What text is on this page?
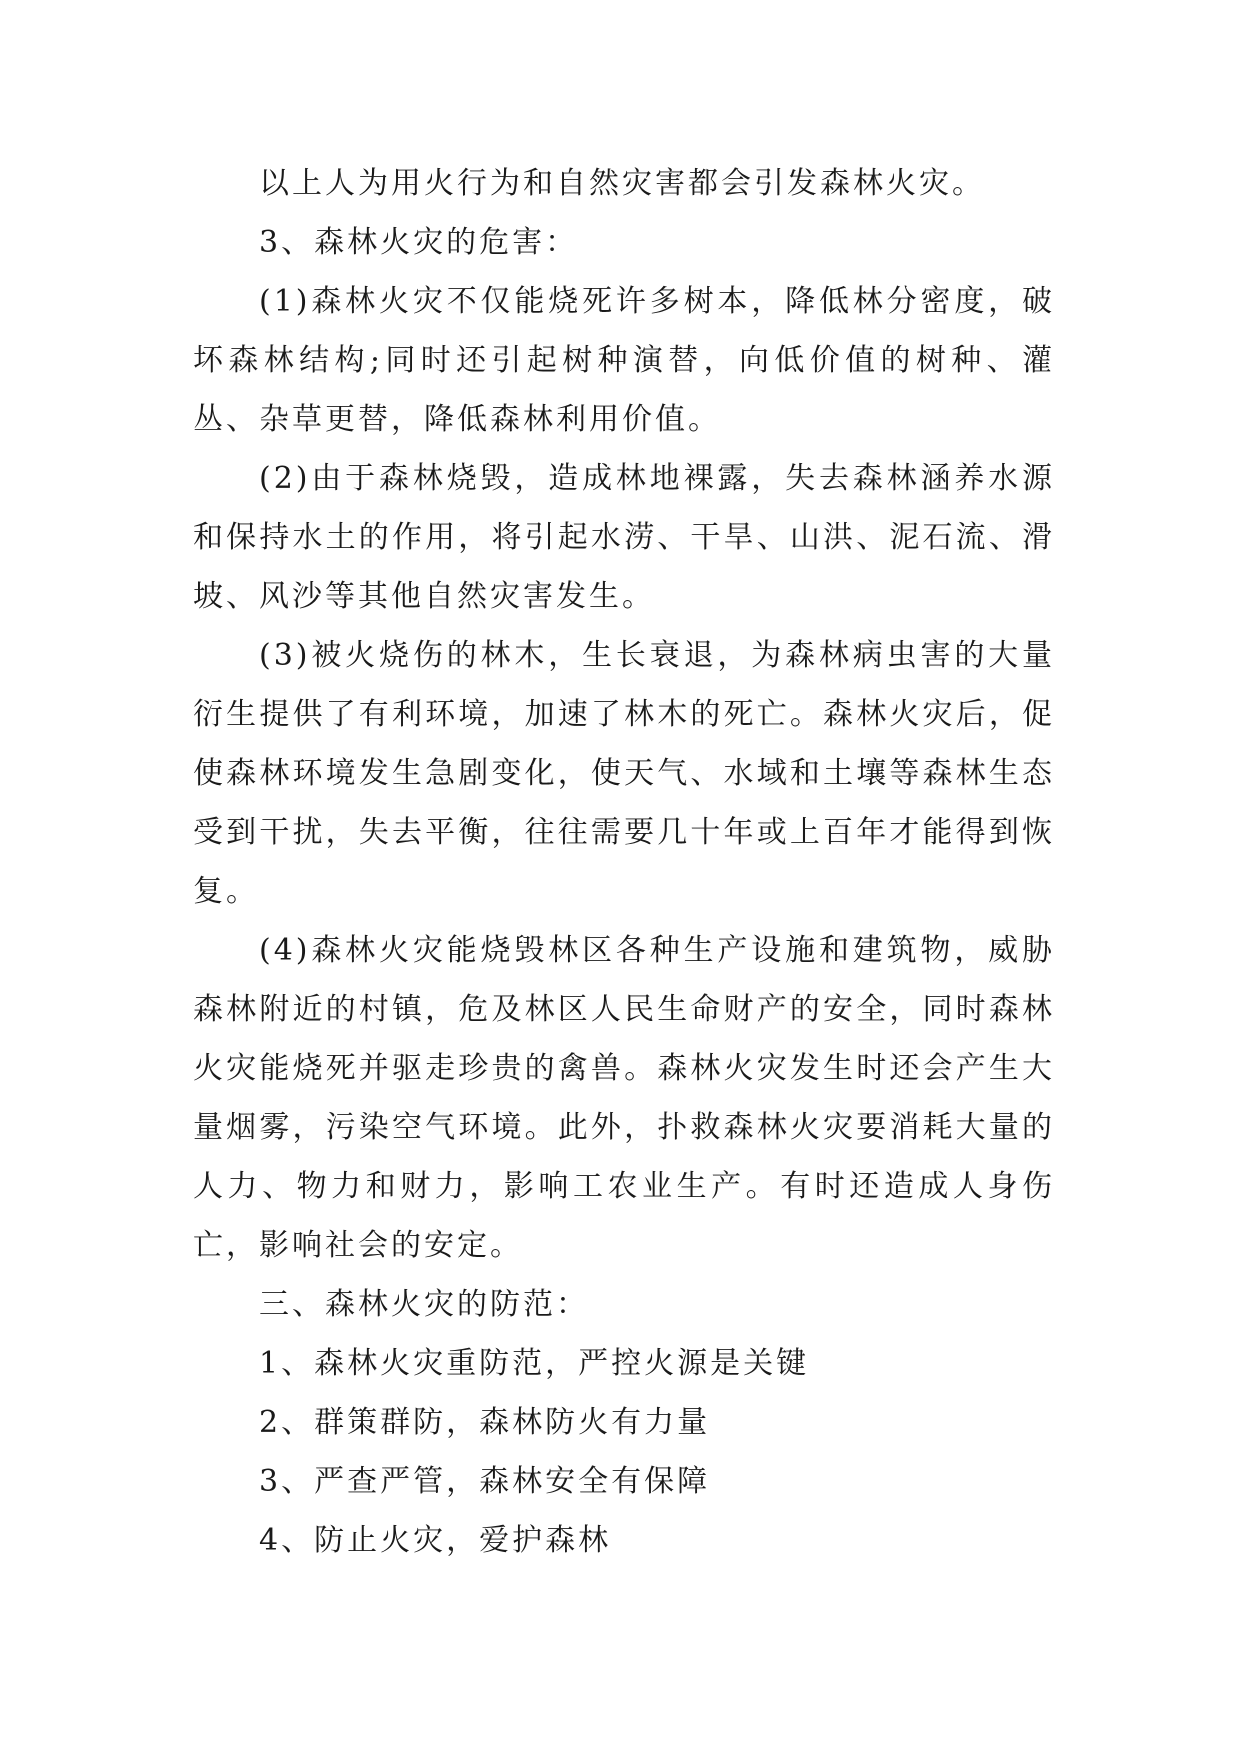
以上人为用火行为和自然灾害都会引发森林火灾。

3、森林火灾的危害：

(1)森林火灾不仅能烧死许多树本，降低林分密度，破坏森林结构;同时还引起树种演替，向低价值的树种、灌丛、杂草更替，降低森林利用价值。

(2)由于森林烧毁，造成林地裸露，失去森林涵养水源和保持水土的作用，将引起水涝、干旱、山洪、泥石流、滑坡、风沙等其他自然灾害发生。

(3)被火烧伤的林木，生长衰退，为森林病虫害的大量衍生提供了有利环境，加速了林木的死亡。森林火灾后，促使森林环境发生急剧变化，使天气、水域和土壤等森林生态受到干扰，失去平衡，往往需要几十年或上百年才能得到恢复。

(4)森林火灾能烧毁林区各种生产设施和建筑物，威胁森林附近的村镇，危及林区人民生命财产的安全，同时森林火灾能烧死并驱走珍贵的禽兽。森林火灾发生时还会产生大量烟雾，污染空气环境。此外，扑救森林火灾要消耗大量的人力、物力和财力，影响工农业生产。有时还造成人身伤亡，影响社会的安定。

三、森林火灾的防范：

1、森林火灾重防范，严控火源是关键

2、群策群防，森林防火有力量

3、严查严管，森林安全有保障

4、防止火灾，爱护森林
